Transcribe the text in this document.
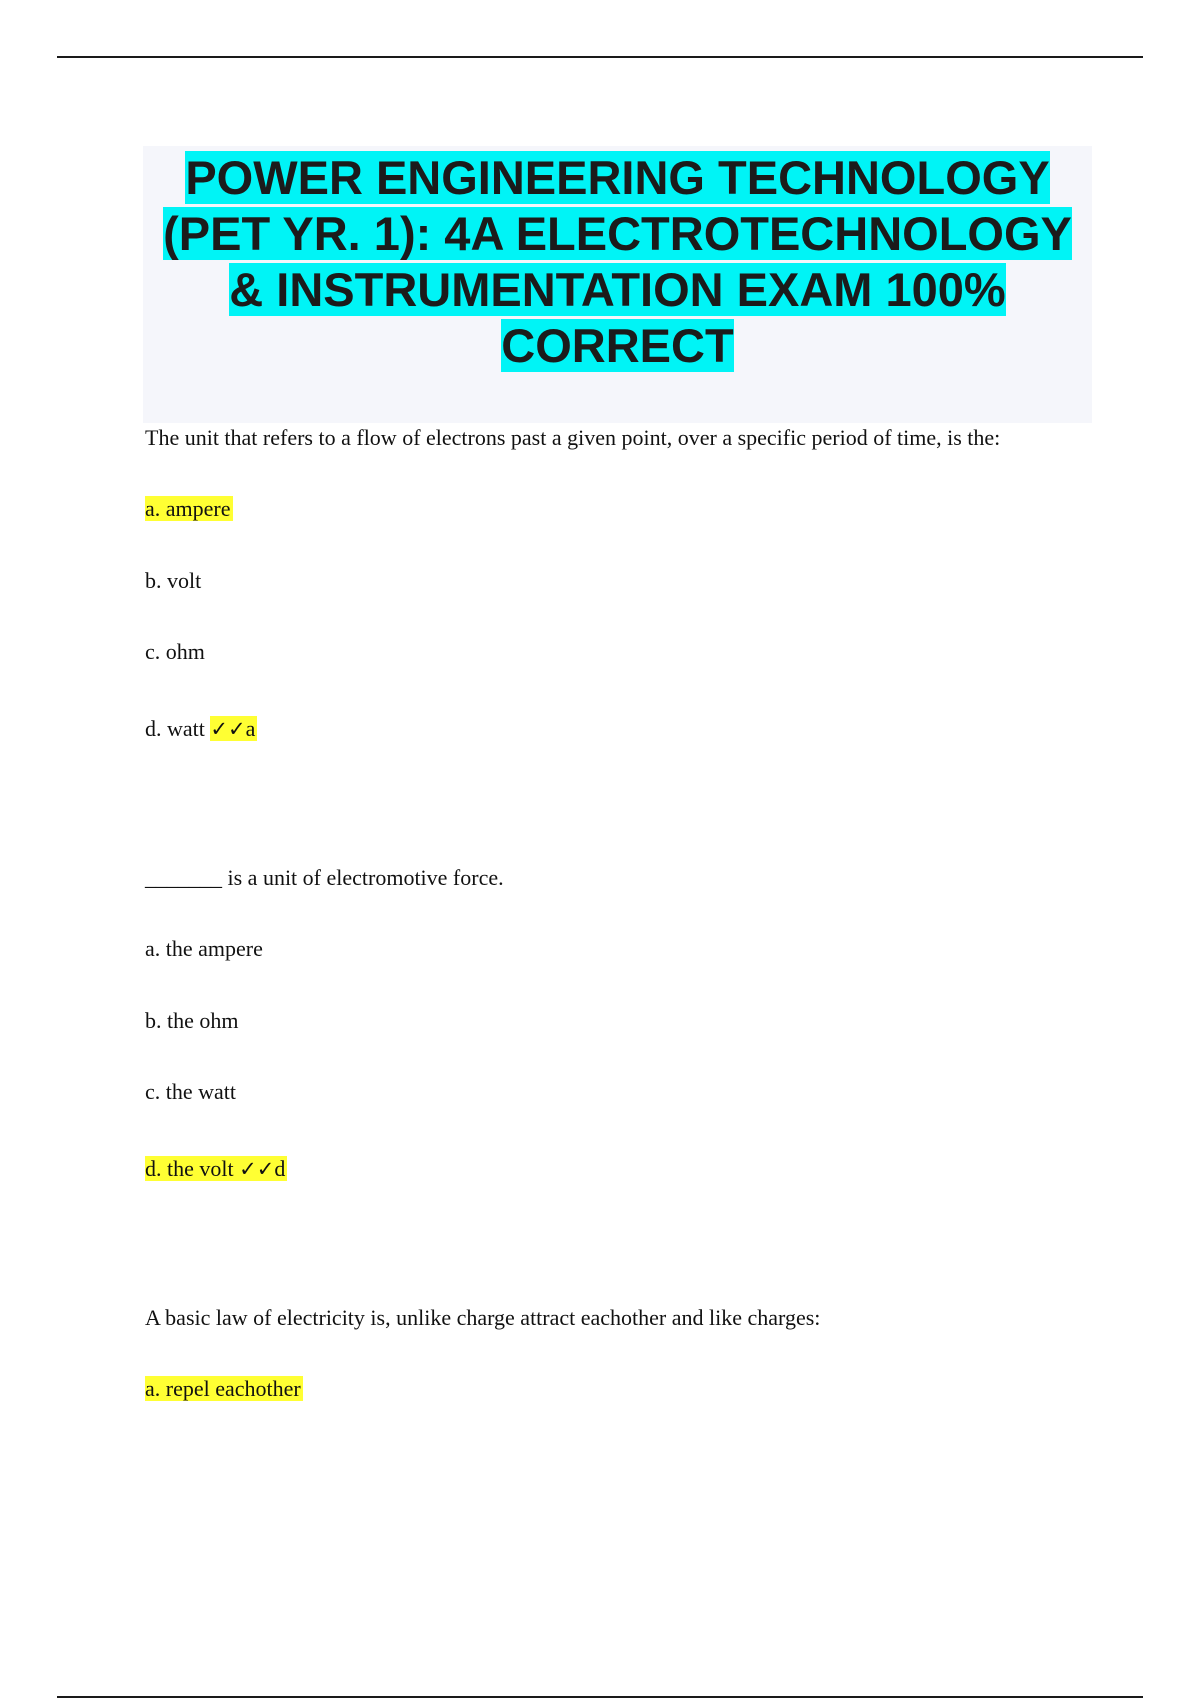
POWER ENGINEERING TECHNOLOGY (PET YR. 1): 4A ELECTROTECHNOLOGY & INSTRUMENTATION EXAM 100% CORRECT
The unit that refers to a flow of electrons past a given point, over a specific period of time, is the:
a. ampere
b. volt
c. ohm
d. watt ✓✓a
_______ is a unit of electromotive force.
a. the ampere
b. the ohm
c. the watt
d. the volt ✓✓d
A basic law of electricity is, unlike charge attract eachother and like charges:
a. repel eachother
